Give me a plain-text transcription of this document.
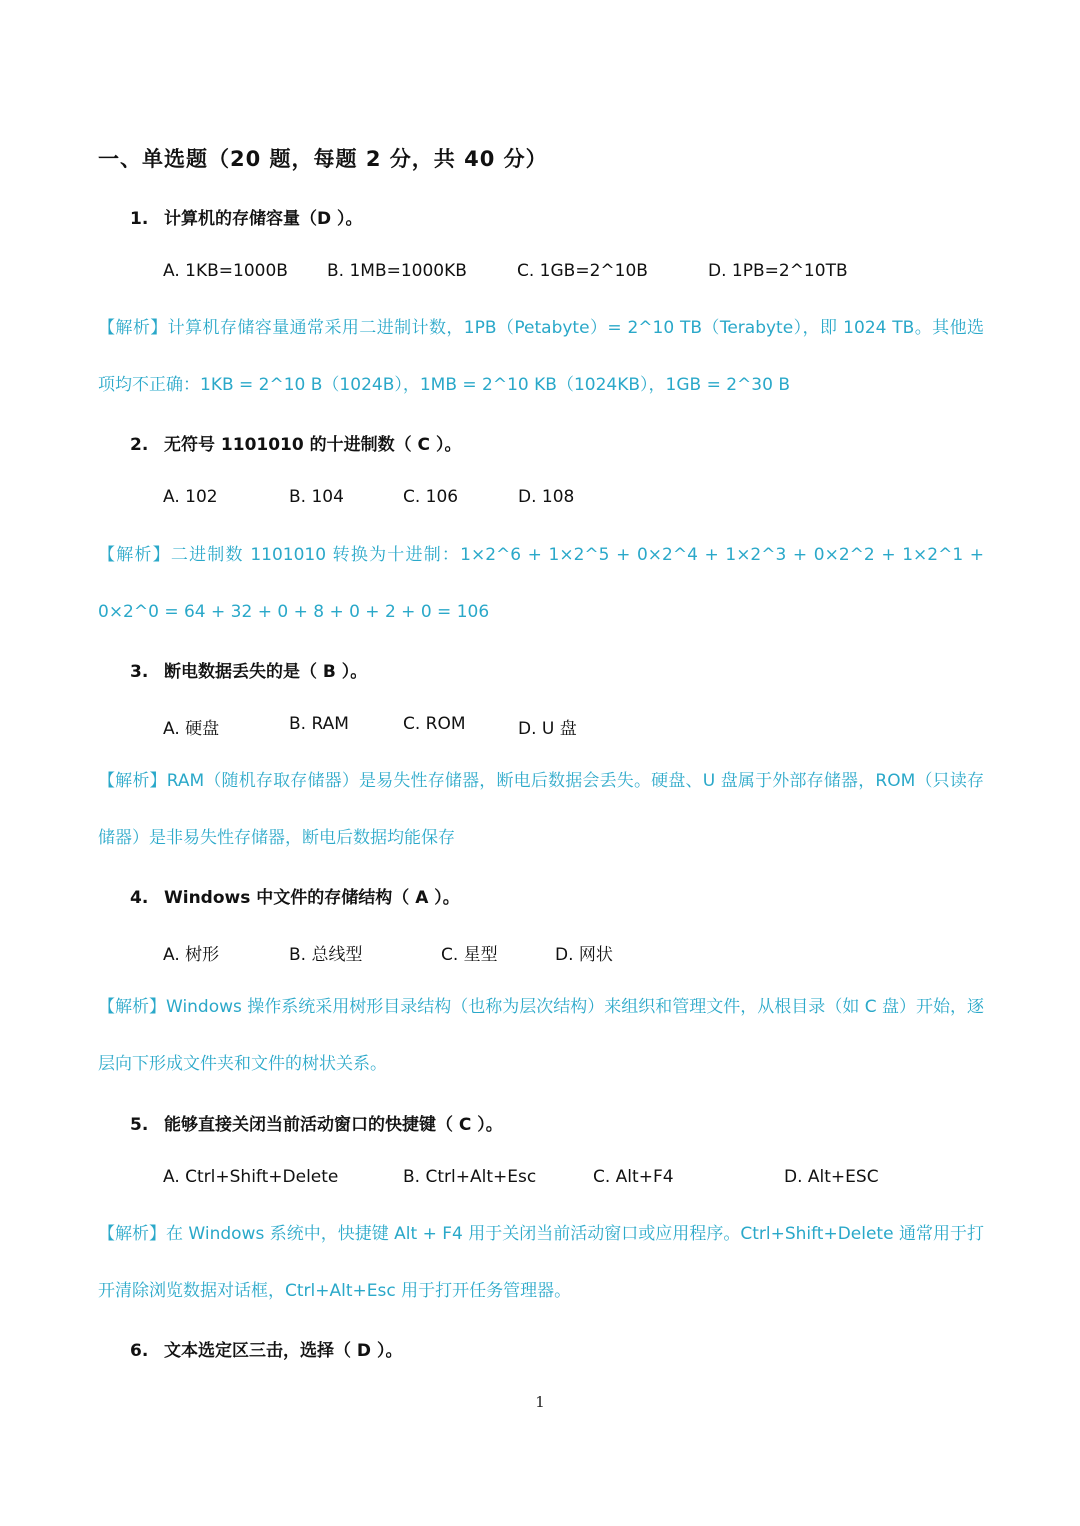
一、单选题（20 题，每题 2 分，共 40 分）
1. 计算机的存储容量（D ）。
A. 1KB=1000B B. 1MB=1000KB	C. 1GB=2^10B	D. 1PB=2^10TB
【解析】计算机存储容量通常采用二进制计数，1PB（Petabyte）= 2^10 TB（Terabyte），即 1024 TB。其他选项均不正确：1KB = 2^10 B（1024B），1MB = 2^10 KB（1024KB），1GB = 2^30 B
2. 无符号 1101010 的十进制数（ C ）。
A. 102	B. 104	C. 106	D. 108
【解析】二进制数 1101010 转换为十进制：1×2^6 + 1×2^5 + 0×2^4 + 1×2^3 + 0×2^2 + 1×2^1 + 0×2^0 = 64 + 32 + 0 + 8 + 0 + 2 + 0 = 106
3. 断电数据丢失的是（ B ）。
A. 硬盘	B. RAM	C. ROM	D. U 盘
【解析】RAM（随机存取存储器）是易失性存储器，断电后数据会丢失。硬盘、U 盘属于外部存储器，ROM（只读存储器）是非易失性存储器，断电后数据均能保存
4. Windows 中文件的存储结构（ A ）。
A. 树形	B. 总线型	C. 星型	D. 网状
【解析】Windows 操作系统采用树形目录结构（也称为层次结构）来组织和管理文件，从根目录（如 C 盘）开始，逐层向下形成文件夹和文件的树状关系。
5. 能够直接关闭当前活动窗口的快捷键（ C ）。
A. Ctrl+Shift+Delete	B. Ctrl+Alt+Esc	C. Alt+F4	D. Alt+ESC
【解析】在 Windows 系统中，快捷键 Alt + F4 用于关闭当前活动窗口或应用程序。Ctrl+Shift+Delete 通常用于打开清除浏览数据对话框，Ctrl+Alt+Esc 用于打开任务管理器。
6. 文本选定区三击，选择（ D ）。
1
